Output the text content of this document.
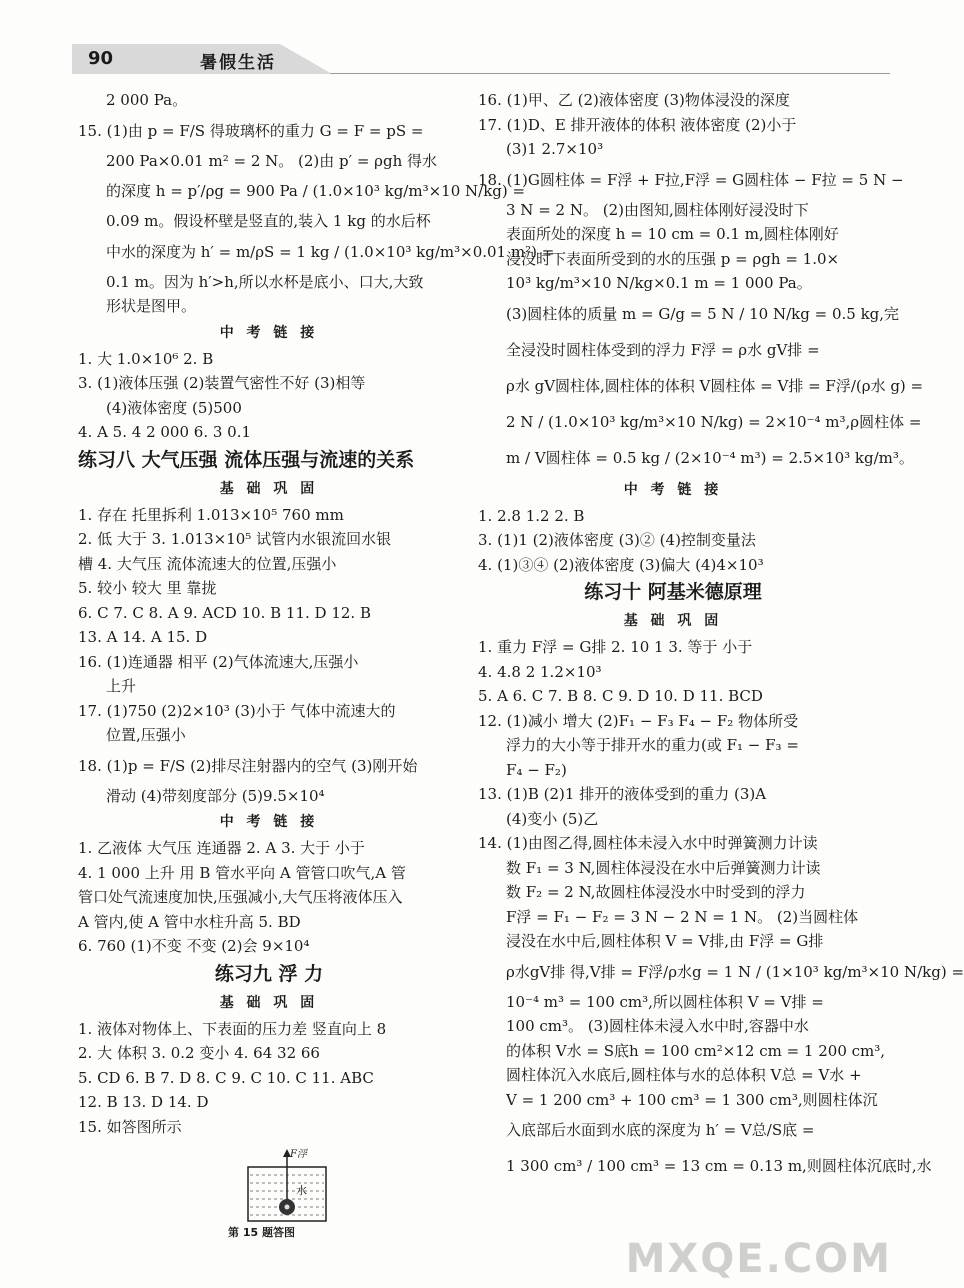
90	暑假生活
2 000 Pa。
15. (1)由 p = F/S 得玻璃杯的重力 G = F = pS =
200 Pa×0.01 m² = 2 N。 (2)由 p′ = ρgh 得水
的深度 h = p′/ρg = 900 Pa / (1.0×10³ kg/m³×10 N/kg) =
0.09 m。假设杯壁是竖直的,装入 1 kg 的水后杯
中水的深度为 h′ = m/ρS = 1 kg / (1.0×10³ kg/m³×0.01 m²) =
0.1 m。因为 h′>h,所以水杯是底小、口大,大致
形状是图甲。
中 考 链 接
1. 大 1.0×10⁶ 2. B
3. (1)液体压强 (2)装置气密性不好 (3)相等
(4)液体密度 (5)500
4. A 5. 4 2 000 6. 3 0.1
练习八 大气压强 流体压强与流速的关系
基 础 巩 固
1. 存在 托里拆利 1.013×10⁵ 760 mm
2. 低 大于 3. 1.013×10⁵ 试管内水银流回水银
槽 4. 大气压 流体流速大的位置,压强小
5. 较小 较大 里 靠拢
6. C 7. C 8. A 9. ACD 10. B 11. D 12. B
13. A 14. A 15. D
16. (1)连通器 相平 (2)气体流速大,压强小
上升
17. (1)750 (2)2×10³ (3)小于 气体中流速大的
位置,压强小
18. (1)p = F/S (2)排尽注射器内的空气 (3)刚开始
滑动 (4)带刻度部分 (5)9.5×10⁴
中 考 链 接
1. 乙液体 大气压 连通器 2. A 3. 大于 小于
4. 1 000 上升 用 B 管水平向 A 管管口吹气,A 管
管口处气流速度加快,压强减小,大气压将液体压入
A 管内,使 A 管中水柱升高 5. BD
6. 760 (1)不变 不变 (2)会 9×10⁴
练习九 浮 力
基 础 巩 固
1. 液体对物体上、下表面的压力差 竖直向上 8
2. 大 体积 3. 0.2 变小 4. 64 32 66
5. CD 6. B 7. D 8. C 9. C 10. C 11. ABC
12. B 13. D 14. D
15. 如答图所示
F浮
水
第 15 题答图
16. (1)甲、乙 (2)液体密度 (3)物体浸没的深度
17. (1)D、E 排开液体的体积 液体密度 (2)小于
(3)1 2.7×10³
18. (1)G圆柱体 = F浮 + F拉,F浮 = G圆柱体 − F拉 = 5 N −
3 N = 2 N。 (2)由图知,圆柱体刚好浸没时下
表面所处的深度 h = 10 cm = 0.1 m,圆柱体刚好
浸没时下表面所受到的水的压强 p = ρgh = 1.0×
10³ kg/m³×10 N/kg×0.1 m = 1 000 Pa。
(3)圆柱体的质量 m = G/g = 5 N / 10 N/kg = 0.5 kg,完
全浸没时圆柱体受到的浮力 F浮 = ρ水 gV排 =
ρ水 gV圆柱体,圆柱体的体积 V圆柱体 = V排 = F浮/(ρ水 g) =
2 N / (1.0×10³ kg/m³×10 N/kg) = 2×10⁻⁴ m³,ρ圆柱体 =
m / V圆柱体 = 0.5 kg / (2×10⁻⁴ m³) = 2.5×10³ kg/m³。
中 考 链 接
1. 2.8 1.2 2. B
3. (1)1 (2)液体密度 (3)② (4)控制变量法
4. (1)③④ (2)液体密度 (3)偏大 (4)4×10³
练习十 阿基米德原理
基 础 巩 固
1. 重力 F浮 = G排 2. 10 1 3. 等于 小于
4. 4.8 2 1.2×10³
5. A 6. C 7. B 8. C 9. D 10. D 11. BCD
12. (1)减小 增大 (2)F₁ − F₃ F₄ − F₂ 物体所受
浮力的大小等于排开水的重力(或 F₁ − F₃ =
F₄ − F₂)
13. (1)B (2)1 排开的液体受到的重力 (3)A
(4)变小 (5)乙
14. (1)由图乙得,圆柱体未浸入水中时弹簧测力计读
数 F₁ = 3 N,圆柱体浸没在水中后弹簧测力计读
数 F₂ = 2 N,故圆柱体浸没水中时受到的浮力
F浮 = F₁ − F₂ = 3 N − 2 N = 1 N。 (2)当圆柱体
浸没在水中后,圆柱体积 V = V排,由 F浮 = G排
ρ水gV排 得,V排 = F浮/ρ水g = 1 N / (1×10³ kg/m³×10 N/kg) =
10⁻⁴ m³ = 100 cm³,所以圆柱体积 V = V排 =
100 cm³。 (3)圆柱体未浸入水中时,容器中水
的体积 V水 = S底h = 100 cm²×12 cm = 1 200 cm³,
圆柱体沉入水底后,圆柱体与水的总体积 V总 = V水 +
V = 1 200 cm³ + 100 cm³ = 1 300 cm³,则圆柱体沉
入底部后水面到水底的深度为 h′ = V总/S底 =
1 300 cm³ / 100 cm³ = 13 cm = 0.13 m,则圆柱体沉底时,水
MXQE.COM
